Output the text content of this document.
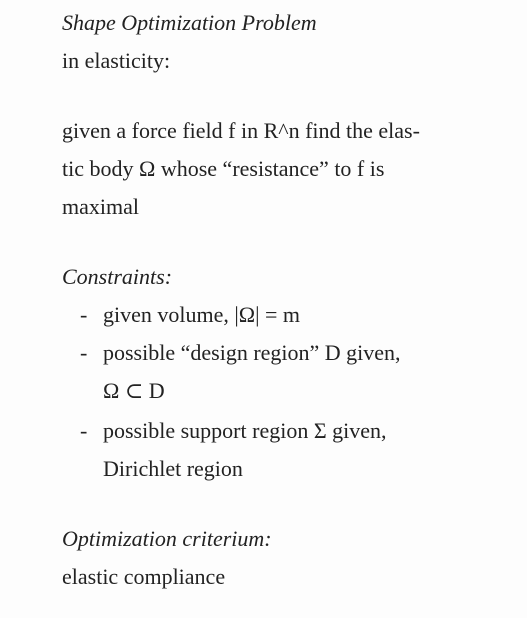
Shape Optimization Problem
in elasticity:
given a force field f in R^n find the elas-
tic body Ω whose “resistance” to f is
maximal
Constraints:
- given volume, |Ω| = m
- possible “design region” D given,
Ω ⊂ D
- possible support region Σ given,
Dirichlet region
Optimization criterium:
elastic compliance
